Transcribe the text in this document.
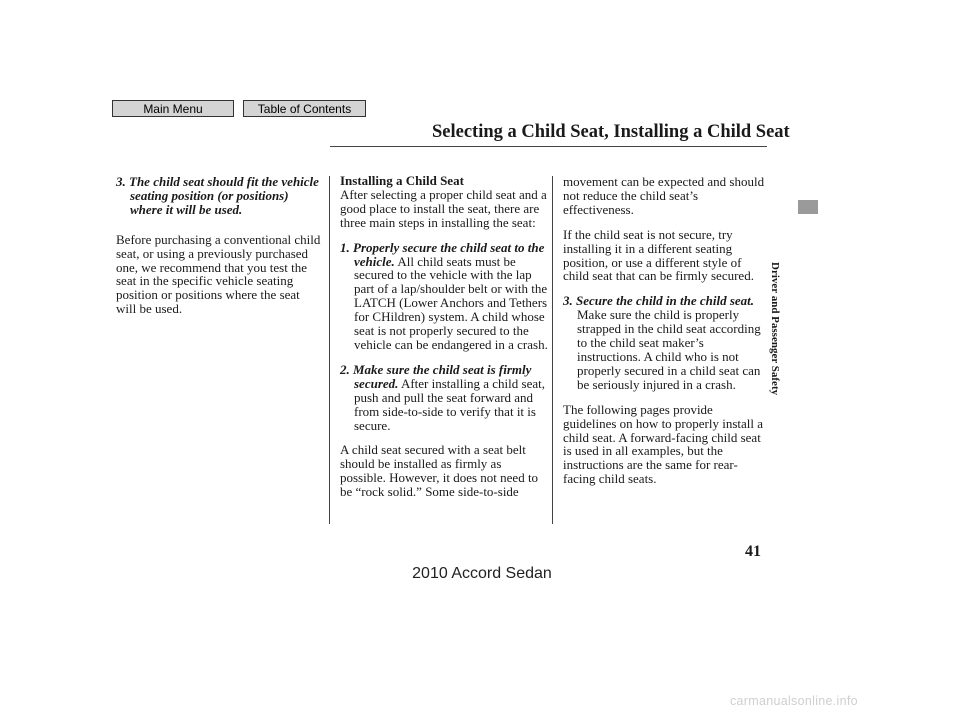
Main Menu	Table of Contents
Selecting a Child Seat, Installing a Child Seat
Driver and Passenger Safety

3. The child seat should fit the vehicle seating position (or positions) where it will be used.

Before purchasing a conventional child seat, or using a previously purchased one, we recommend that you test the seat in the specific vehicle seating position or positions where the seat will be used.

Installing a Child Seat

After selecting a proper child seat and a good place to install the seat, there are three main steps in installing the seat:

1. Properly secure the child seat to the vehicle. All child seats must be secured to the vehicle with the lap part of a lap/shoulder belt or with the LATCH (Lower Anchors and Tethers for CHildren) system. A child whose seat is not properly secured to the vehicle can be endangered in a crash.

2. Make sure the child seat is firmly secured. After installing a child seat, push and pull the seat forward and from side-to-side to verify that it is secure.

A child seat secured with a seat belt should be installed as firmly as possible. However, it does not need to be “rock solid.” Some side-to-side

movement can be expected and should not reduce the child seat’s effectiveness.

If the child seat is not secure, try installing it in a different seating position, or use a different style of child seat that can be firmly secured.

3. Secure the child in the child seat.

Make sure the child is properly strapped in the child seat according to the child seat maker’s instructions. A child who is not properly secured in a child seat can be seriously injured in a crash.

The following pages provide guidelines on how to properly install a child seat. A forward-facing child seat is used in all examples, but the instructions are the same for rear-facing child seats.

41
2010 Accord Sedan
carmanualsonline.info
